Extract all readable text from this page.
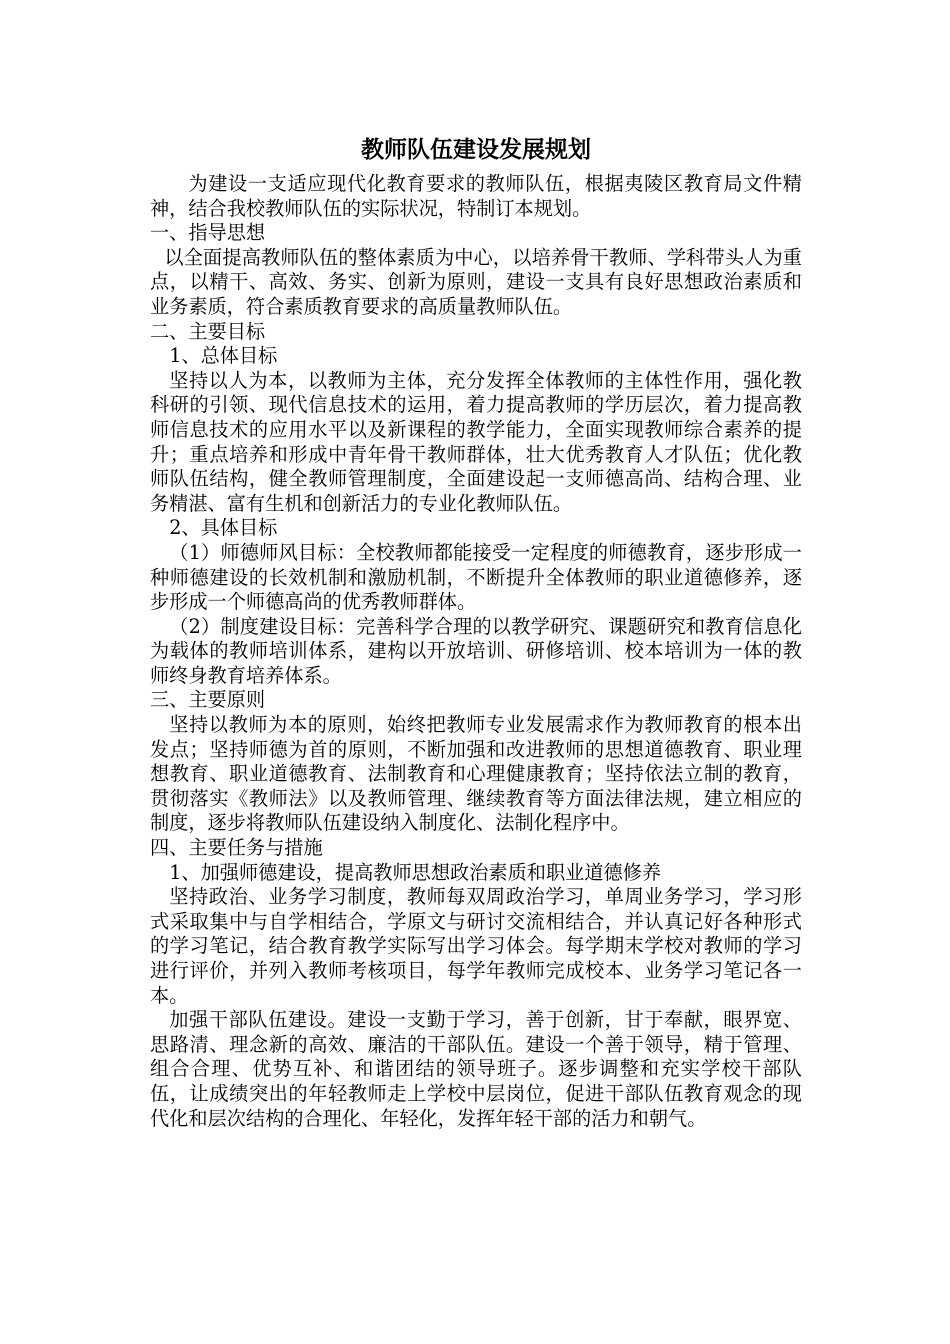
教师队伍建设发展规划

为建设一支适应现代化教育要求的教师队伍，根据夷陵区教育局文件精神，结合我校教师队伍的实际状况，特制订本规划。

一、指导思想

以全面提高教师队伍的整体素质为中心，以培养骨干教师、学科带头人为重点，以精干、高效、务实、创新为原则，建设一支具有良好思想政治素质和业务素质，符合素质教育要求的高质量教师队伍。

二、主要目标

1、总体目标

坚持以人为本，以教师为主体，充分发挥全体教师的主体性作用，强化教科研的引领、现代信息技术的运用，着力提高教师的学历层次，着力提高教师信息技术的应用水平以及新课程的教学能力，全面实现教师综合素养的提升；重点培养和形成中青年骨干教师群体，壮大优秀教育人才队伍；优化教师队伍结构，健全教师管理制度，全面建设起一支师德高尚、结构合理、业务精湛、富有生机和创新活力的专业化教师队伍。

2、具体目标

（1）师德师风目标：全校教师都能接受一定程度的师德教育，逐步形成一种师德建设的长效机制和激励机制，不断提升全体教师的职业道德修养，逐步形成一个师德高尚的优秀教师群体。

（2）制度建设目标：完善科学合理的以教学研究、课题研究和教育信息化为载体的教师培训体系，建构以开放培训、研修培训、校本培训为一体的教师终身教育培养体系。

三、主要原则

坚持以教师为本的原则，始终把教师专业发展需求作为教师教育的根本出发点；坚持师德为首的原则，不断加强和改进教师的思想道德教育、职业理想教育、职业道德教育、法制教育和心理健康教育；坚持依法立制的教育，贯彻落实《教师法》以及教师管理、继续教育等方面法律法规，建立相应的制度，逐步将教师队伍建设纳入制度化、法制化程序中。

四、主要任务与措施

1、加强师德建设，提高教师思想政治素质和职业道德修养

坚持政治、业务学习制度，教师每双周政治学习，单周业务学习，学习形式采取集中与自学相结合，学原文与研讨交流相结合，并认真记好各种形式的学习笔记，结合教育教学实际写出学习体会。每学期末学校对教师的学习进行评价，并列入教师考核项目，每学年教师完成校本、业务学习笔记各一本。

加强干部队伍建设。建设一支勤于学习，善于创新，甘于奉献，眼界宽、思路清、理念新的高效、廉洁的干部队伍。建设一个善于领导，精于管理、组合合理、优势互补、和谐团结的领导班子。逐步调整和充实学校干部队伍，让成绩突出的年轻教师走上学校中层岗位，促进干部队伍教育观念的现代化和层次结构的合理化、年轻化，发挥年轻干部的活力和朝气。
